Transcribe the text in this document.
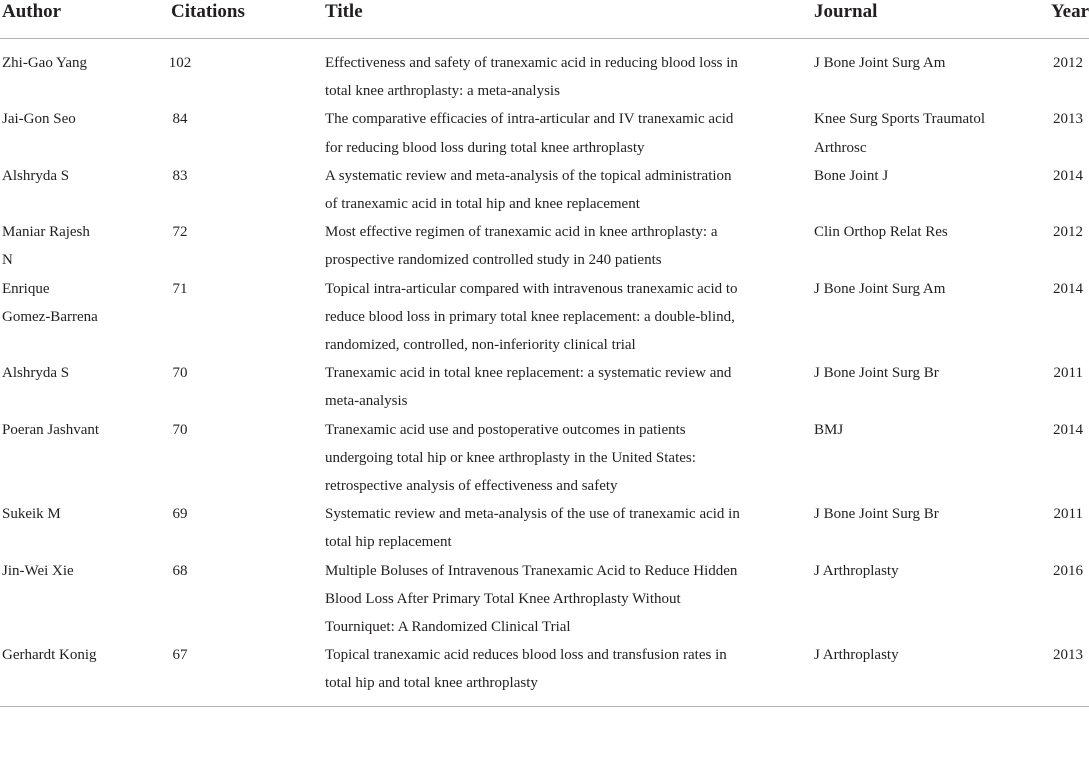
Author	Citations	Title	Journal	Year
Zhi-Gao Yang	102	Effectiveness and safety of tranexamic acid in reducing blood loss in total knee arthroplasty: a meta-analysis	J Bone Joint Surg Am	2012
Jai-Gon Seo	84	The comparative efficacies of intra-articular and IV tranexamic acid for reducing blood loss during total knee arthroplasty	Knee Surg Sports Traumatol Arthrosc	2013
Alshryda S	83	A systematic review and meta-analysis of the topical administration of tranexamic acid in total hip and knee replacement	Bone Joint J	2014
Maniar Rajesh N	72	Most effective regimen of tranexamic acid in knee arthroplasty: a prospective randomized controlled study in 240 patients	Clin Orthop Relat Res	2012
Enrique Gomez-Barrena	71	Topical intra-articular compared with intravenous tranexamic acid to reduce blood loss in primary total knee replacement: a double-blind, randomized, controlled, non-inferiority clinical trial	J Bone Joint Surg Am	2014
Alshryda S	70	Tranexamic acid in total knee replacement: a systematic review and meta-analysis	J Bone Joint Surg Br	2011
Poeran Jashvant	70	Tranexamic acid use and postoperative outcomes in patients undergoing total hip or knee arthroplasty in the United States: retrospective analysis of effectiveness and safety	BMJ	2014
Sukeik M	69	Systematic review and meta-analysis of the use of tranexamic acid in total hip replacement	J Bone Joint Surg Br	2011
Jin-Wei Xie	68	Multiple Boluses of Intravenous Tranexamic Acid to Reduce Hidden Blood Loss After Primary Total Knee Arthroplasty Without Tourniquet: A Randomized Clinical Trial	J Arthroplasty	2016
Gerhardt Konig	67	Topical tranexamic acid reduces blood loss and transfusion rates in total hip and total knee arthroplasty	J Arthroplasty	2013
